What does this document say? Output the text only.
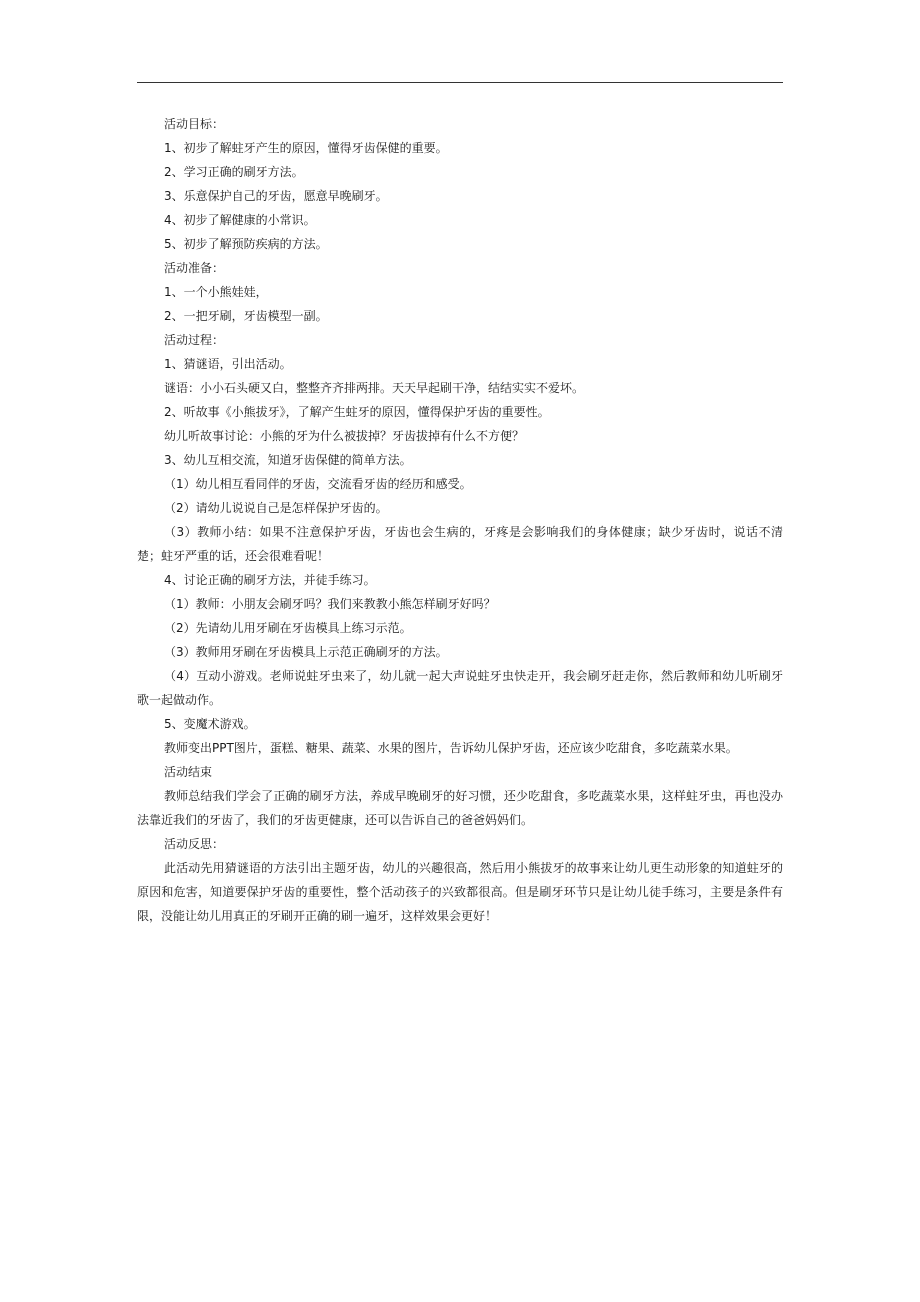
活动目标：

1、初步了解蛀牙产生的原因，懂得牙齿保健的重要。

2、学习正确的刷牙方法。

3、乐意保护自己的牙齿，愿意早晚刷牙。

4、初步了解健康的小常识。

5、初步了解预防疾病的方法。

活动准备：

1、一个小熊娃娃，

2、一把牙刷，牙齿模型一副。

活动过程：

1、猜谜语，引出活动。

谜语：小小石头硬又白，整整齐齐排两排。天天早起刷干净，结结实实不爱坏。

2、听故事《小熊拔牙》，了解产生蛀牙的原因，懂得保护牙齿的重要性。

幼儿听故事讨论：小熊的牙为什么被拔掉？牙齿拔掉有什么不方便？

3、幼儿互相交流，知道牙齿保健的简单方法。

（1）幼儿相互看同伴的牙齿，交流看牙齿的经历和感受。

（2）请幼儿说说自己是怎样保护牙齿的。

（3）教师小结：如果不注意保护牙齿，牙齿也会生病的，牙疼是会影响我们的身体健康；缺少牙齿时，说话不清楚；蛀牙严重的话，还会很难看呢！

4、讨论正确的刷牙方法，并徒手练习。

（1）教师：小朋友会刷牙吗？我们来教教小熊怎样刷牙好吗？

（2）先请幼儿用牙刷在牙齿模具上练习示范。

（3）教师用牙刷在牙齿模具上示范正确刷牙的方法。

（4）互动小游戏。老师说蛀牙虫来了，幼儿就一起大声说蛀牙虫快走开，我会刷牙赶走你，然后教师和幼儿听刷牙歌一起做动作。

5、变魔术游戏。

教师变出PPT图片，蛋糕、糖果、蔬菜、水果的图片，告诉幼儿保护牙齿，还应该少吃甜食，多吃蔬菜水果。

活动结束

教师总结我们学会了正确的刷牙方法，养成早晚刷牙的好习惯，还少吃甜食，多吃蔬菜水果，这样蛀牙虫，再也没办法靠近我们的牙齿了，我们的牙齿更健康，还可以告诉自己的爸爸妈妈们。

活动反思：

此活动先用猜谜语的方法引出主题牙齿，幼儿的兴趣很高，然后用小熊拔牙的故事来让幼儿更生动形象的知道蛀牙的原因和危害，知道要保护牙齿的重要性，整个活动孩子的兴致都很高。但是刷牙环节只是让幼儿徒手练习，主要是条件有限，没能让幼儿用真正的牙刷开正确的刷一遍牙，这样效果会更好！
